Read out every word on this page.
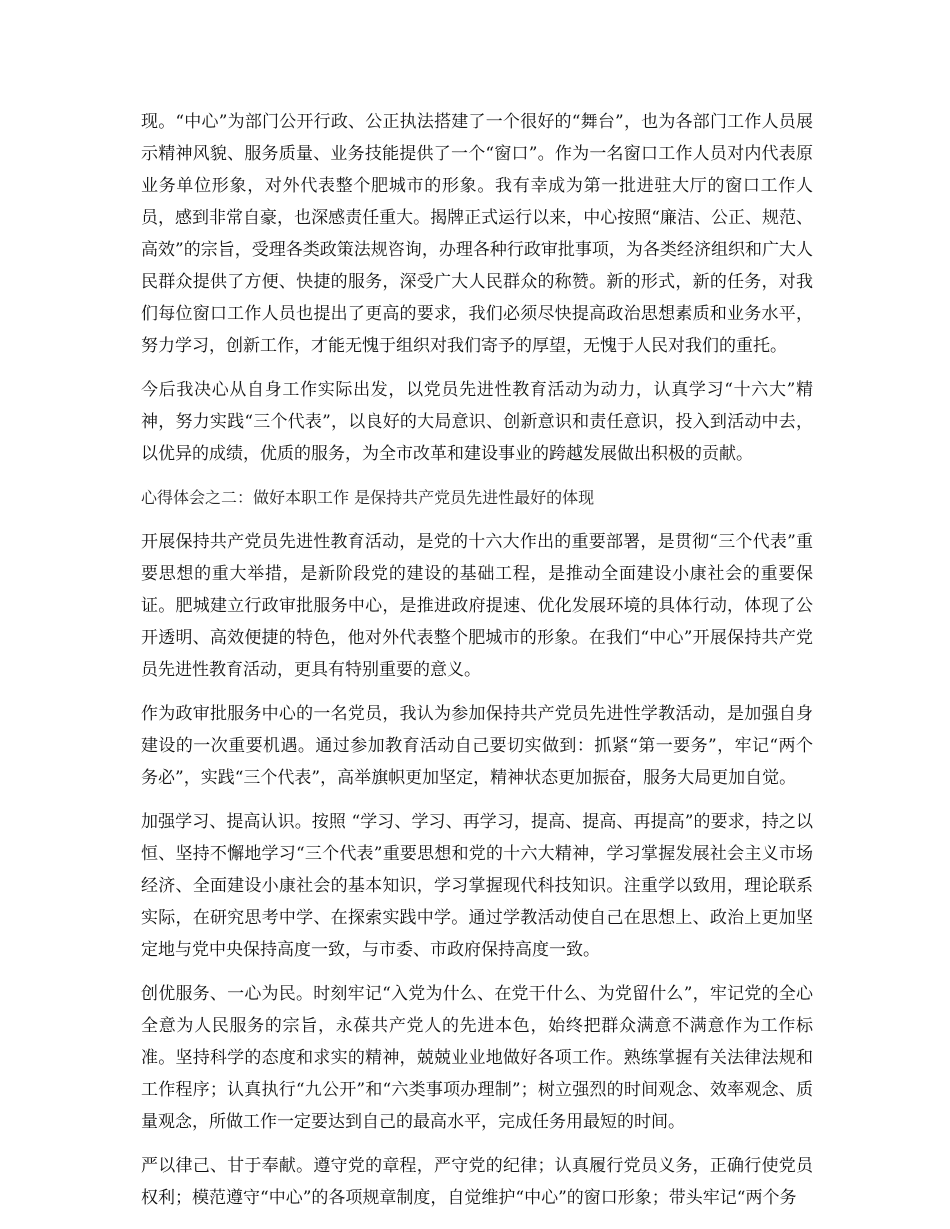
现。“中心”为部门公开行政、公正执法搭建了一个很好的“舞台”，也为各部门工作人员展示精神风貌、服务质量、业务技能提供了一个“窗口”。作为一名窗口工作人员对内代表原业务单位形象，对外代表整个肥城市的形象。我有幸成为第一批进驻大厅的窗口工作人员，感到非常自豪，也深感责任重大。揭牌正式运行以来，中心按照“廉洁、公正、规范、高效”的宗旨，受理各类政策法规咨询，办理各种行政审批事项，为各类经济组织和广大人民群众提供了方便、快捷的服务，深受广大人民群众的称赞。新的形式，新的任务，对我们每位窗口工作人员也提出了更高的要求，我们必须尽快提高政治思想素质和业务水平，努力学习，创新工作，才能无愧于组织对我们寄予的厚望，无愧于人民对我们的重托。

今后我决心从自身工作实际出发，以党员先进性教育活动为动力，认真学习“十六大”精神，努力实践“三个代表”，以良好的大局意识、创新意识和责任意识，投入到活动中去，以优异的成绩，优质的服务，为全市改革和建设事业的跨越发展做出积极的贡献。

心得体会之二：做好本职工作 是保持共产党员先进性最好的体现

开展保持共产党员先进性教育活动，是党的十六大作出的重要部署，是贯彻“三个代表”重要思想的重大举措，是新阶段党的建设的基础工程，是推动全面建设小康社会的重要保证。肥城建立行政审批服务中心，是推进政府提速、优化发展环境的具体行动，体现了公开透明、高效便捷的特色，他对外代表整个肥城市的形象。在我们“中心”开展保持共产党员先进性教育活动，更具有特别重要的意义。

作为政审批服务中心的一名党员，我认为参加保持共产党员先进性学教活动，是加强自身建设的一次重要机遇。通过参加教育活动自己要切实做到：抓紧“第一要务”，牢记“两个务必”，实践“三个代表”，高举旗帜更加坚定，精神状态更加振奋，服务大局更加自觉。

加强学习、提高认识。按照 “学习、学习、再学习，提高、提高、再提高”的要求，持之以恒、坚持不懈地学习“三个代表”重要思想和党的十六大精神，学习掌握发展社会主义市场经济、全面建设小康社会的基本知识，学习掌握现代科技知识。注重学以致用，理论联系实际，在研究思考中学、在探索实践中学。通过学教活动使自己在思想上、政治上更加坚定地与党中央保持高度一致，与市委、市政府保持高度一致。

创优服务、一心为民。时刻牢记“入党为什么、在党干什么、为党留什么”，牢记党的全心全意为人民服务的宗旨，永葆共产党人的先进本色，始终把群众满意不满意作为工作标准。坚持科学的态度和求实的精神，兢兢业业地做好各项工作。熟练掌握有关法律法规和工作程序；认真执行“九公开”和“六类事项办理制”；树立强烈的时间观念、效率观念、质量观念，所做工作一定要达到自己的最高水平，完成任务用最短的时间。

严以律己、甘于奉献。遵守党的章程，严守党的纪律；认真履行党员义务，正确行使党员权利；模范遵守“中心”的各项规章制度，自觉维护“中心”的窗口形象；带头牢记“两个务
